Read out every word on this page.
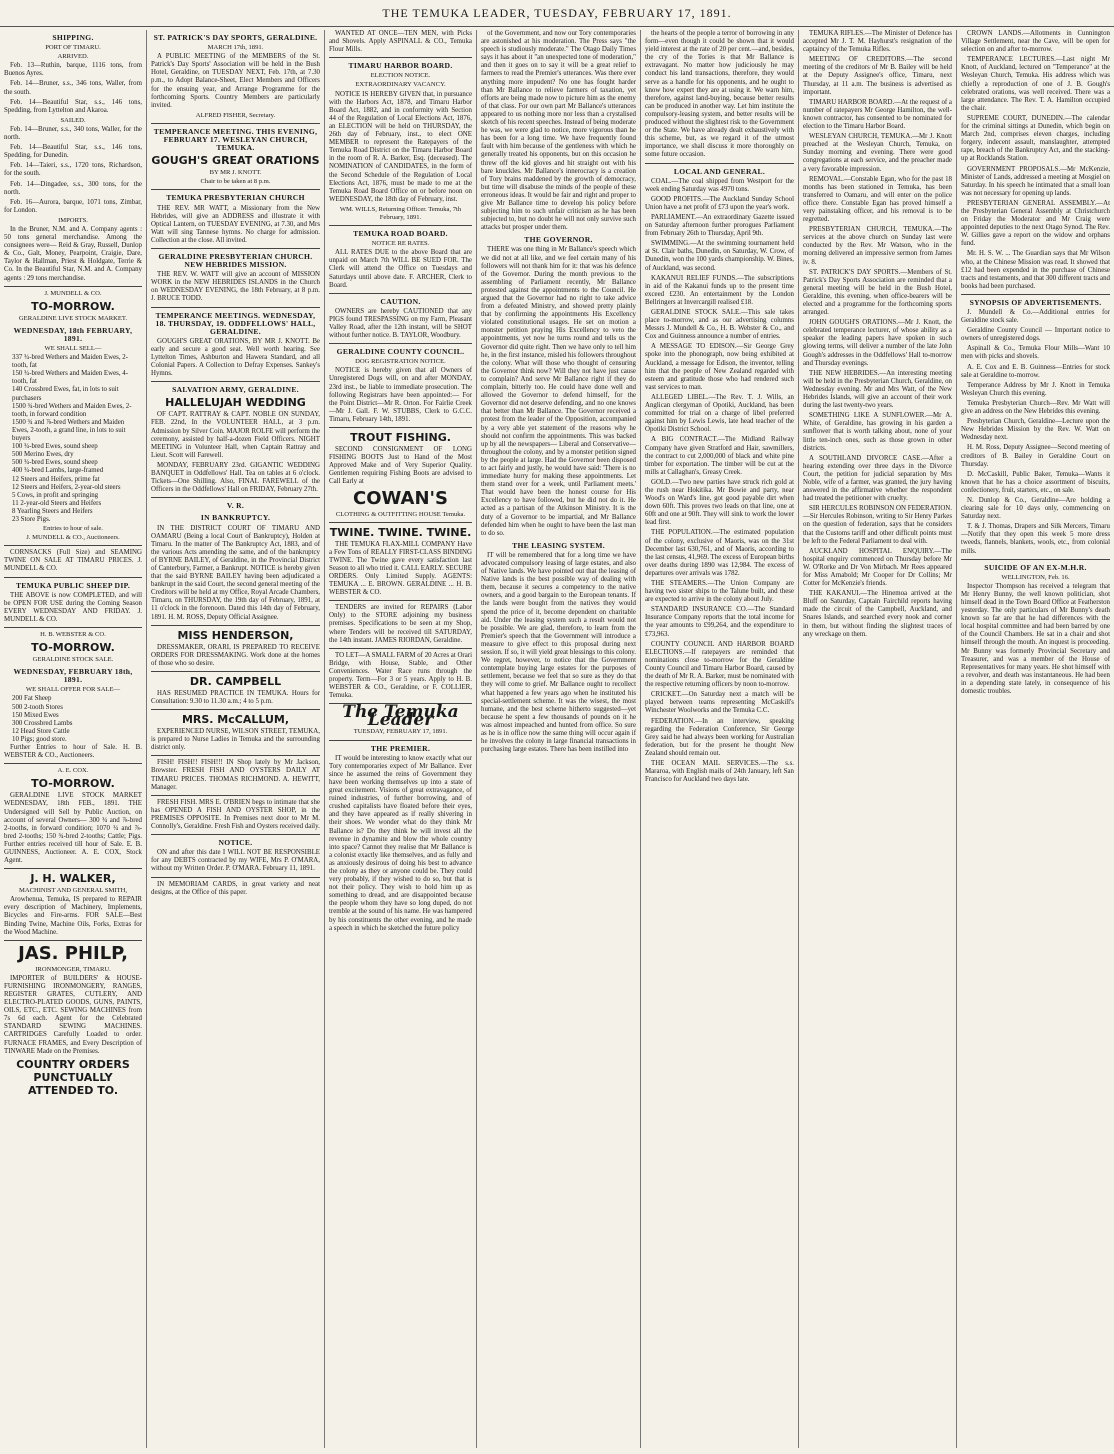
THE TEMUKA LEADER, TUESDAY, FEBRUARY 17, 1891.
SHIPPING.
PORT OF TIMARU.
ARRIVED.

Feb. 13—Ruthin, barque, 1116 tons, from Buenos Ayres.

Feb. 14—Bruner, s.s., 346 tons, Waller, from the south.

Feb. 14—Beautiful Star, s.s., 146 tons, Spedding, from Lyttelton and Akaroa.

SAILED.

Feb. 14—Bruner, s.s., 340 tons, Waller, for the north.

Feb. 14—Beautiful Star, s.s., 146 tons, Spedding, for Dunedin.

Feb. 14—Taieri, s.s., 1720 tons, Richardson, for the south.

Feb. 14—Dingadee, s.s., 300 tons, for the north.

Feb. 16—Aurora, barque, 1071 tons, Zimbar, for London.

IMPORTS.

In the Bruner, N.M. and A. Company agents : 50 tons general merchandise. Among the consignees were— Reid & Gray, Russell, Dunlop & Co., Galt, Money, Pearpoint, Craigie, Dare, Taylor & Hallman, Priest & Holdgate, Terrie & Co. In the Beautiful Star, N.M. and A. Company agents : 29 tons merchandise.

J. MUNDELL & CO.
TO-MORROW.
GERALDINE LIVE STOCK MARKET.
WEDNESDAY, 18th FEBRUARY, 1891.
WE SHALL SELL—
337 ¾-bred Wethers and Maiden Ewes, 2-tooth, fat
150 ¾-bred Wethers and Maiden Ewes, 4-tooth, fat
140 Crossbred Ewes, fat, in lots to suit purchasers
1500 ¾-bred Wethers and Maiden Ewes, 2-tooth, in forward condition
1500 ¾ and ⅞-bred Wethers and Maiden Ewes, 2-tooth, a grand line, in lots to suit buyers
100 ¾-bred Ewes, sound sheep
500 Merino Ewes, dry
500 ¾-bred Ewes, sound sheep
400 ¾-bred Lambs, large-framed
12 Steers and Heifers, prime fat
12 Steers and Heifers, 2-year-old steers
5 Cows, in profit and springing
11 2-year-old Steers and Heifers
8 Yearling Steers and Heifers
23 Store Pigs.
Entries to hour of sale.
J. MUNDELL & CO., Auctioneers.

CORNSACKS (Full Size) and SEAMING TWINE ON SALE AT TIMARU PRICES. J. MUNDELL & CO.

TEMUKA PUBLIC SHEEP DIP.

THE ABOVE is now COMPLETED, and will be OPEN FOR USE during the Coming Season EVERY WEDNESDAY AND FRIDAY. J. MUNDELL & CO.

H. B. WEBSTER & CO.
TO-MORROW.
GERALDINE STOCK SALE.
WEDNESDAY, FEBRUARY 18th, 1891.
WE SHALL OFFER FOR SALE—
200 Fat Sheep
500 2-tooth Stores
150 Mixed Ewes
300 Crossbred Lambs
12 Head Store Cattle
10 Pigs; good store.

Further Entries to hour of Sale. H. B. WEBSTER & CO., Auctioneers.

A. E. COX.
TO-MORROW.

GERALDINE LIVE STOCK MARKET WEDNESDAY, 18th FEB., 1891. THE Undersigned will Sell by Public Auction, on account of several Owners— 300 ¾ and ⅞-bred 2-tooths, in forward condition; 1070 ¾ and ⅞-bred 2-tooths; 150 ¾-bred 2-tooths; Cattle; Pigs. Further entries received till hour of Sale. E. B. GUINNESS, Auctioneer. A. E. COX, Stock Agent.

J. H. WALKER,
MACHINIST AND GENERAL SMITH,

Arowhenua, Temuka, IS prepared to REPAIR every description of Machinery, Implements, Bicycles and Fire-arms. FOR SALE—Best Binding Twine, Machine Oils, Forks, Extras for the Wood Machine.

JAS. PHILP,
IRONMONGER, TIMARU.

IMPORTER of BUILDERS' & HOUSE-FURNISHING IRONMONGERY, RANGES, REGISTER GRATES, CUTLERY, AND ELECTRO-PLATED GOODS, GUNS, PAINTS, OILS, ETC., ETC. SEWING MACHINES from 7s 6d each. Agent for the Celebrated STANDARD SEWING MACHINES. CARTRIDGES Carefully Loaded to order. FURNACE FRAMES, and Every Description of TINWARE Made on the Premises.

COUNTRY ORDERS PUNCTUALLY ATTENDED TO.
ST. PATRICK'S DAY SPORTS, GERALDINE.
MARCH 17th, 1891.

A PUBLIC MEETING of the MEMBERS of the St. Patrick's Day Sports' Association will be held in the Bush Hotel, Geraldine, on TUESDAY NEXT, Feb. 17th, at 7.30 p.m., to Adopt Balance-Sheet, Elect Members and Officers for the ensuing year, and Arrange Programme for the forthcoming Sports. Country Members are particularly invited.

ALFRED FISHER, Secretary.
TEMPERANCE MEETING. THIS EVENING, FEBRUARY 17. WESLEYAN CHURCH, TEMUKA.
GOUGH'S GREAT ORATIONS
BY MR J. KNOTT.
Chair to be taken at 8 p.m.
TEMUKA PRESBYTERIAN CHURCH

THE REV. MR WATT, a Missionary from the New Hebrides, will give an ADDRESS and illustrate it with Optical Lantern, on TUESDAY EVENING, at 7.30, and Mrs Watt will sing Tannese hymns. No charge for admission. Collection at the close. All invited.

GERALDINE PRESBYTERIAN CHURCH. NEW HEBRIDES MISSION.

THE REV. W. WATT will give an account of MISSION WORK in the NEW HEBRIDES ISLANDS in the Church on WEDNESDAY EVENING, the 18th February, at 8 p.m. J. BRUCE TODD.

TEMPERANCE MEETINGS. WEDNESDAY, 18. THURSDAY, 19. ODDFELLOWS' HALL, GERALDINE.

GOUGH'S GREAT ORATIONS, BY MR J. KNOTT. Be early and secure a good seat. Well worth hearing. See Lyttelton Times, Ashburton and Hawera Standard, and all Colonial Papers. A Collection to Defray Expenses. Sankey's Hymns.

SALVATION ARMY, GERALDINE.
HALLELUJAH WEDDING

OF CAPT. RATTRAY & CAPT. NOBLE ON SUNDAY, FEB. 22nd, In the VOLUNTEER HALL, at 3 p.m. Admission by Silver Coin. MAJOR ROLFE will perform the ceremony, assisted by half-a-dozen Field Officers. NIGHT MEETING in Volunteer Hall, when Captain Rattray and Lieut. Scott will Farewell.

MONDAY, FEBRUARY 23rd. GIGANTIC WEDDING BANQUET in Oddfellows' Hall. Tea on tables at 6 o'clock. Tickets—One Shilling. Also, FINAL FAREWELL of the Officers in the Oddfellows' Hall on FRIDAY, February 27th.

V. R.
IN BANKRUPTCY.

IN THE DISTRICT COURT OF TIMARU AND OAMARU (Being a local Court of Bankruptcy), Holden at Timaru. In the matter of The Bankruptcy Act, 1883, and of the various Acts amending the same, and of the bankruptcy of BYRNE BAILEY, of Geraldine, in the Provincial District of Canterbury, Farmer, a Bankrupt. NOTICE is hereby given that the said BYRNE BAILEY having been adjudicated a bankrupt in the said Court, the second general meeting of the Creditors will be held at my Office, Royal Arcade Chambers, Timaru, on THURSDAY, the 19th day of February, 1891, at 11 o'clock in the forenoon. Dated this 14th day of February, 1891. H. M. ROSS, Deputy Official Assignee.

MISS HENDERSON,

DRESSMAKER, ORARI, IS PREPARED TO RECEIVE ORDERS FOR DRESSMAKING. Work done at the homes of those who so desire.

DR. CAMPBELL

HAS RESUMED PRACTICE IN TEMUKA. Hours for Consultation: 9.30 to 11.30 a.m.; 4 to 5 p.m.

MRS. McCALLUM,

EXPERIENCED NURSE, WILSON STREET, TEMUKA, is prepared to Nurse Ladies in Temuka and the surrounding district only.

FISH! FISH!! FISH!!! IN Shop lately by Mr Jackson, Brewster. FRESH FISH AND OYSTERS DAILY AT TIMARU PRICES. THOMAS RICHMOND. A. HEWITT, Manager.

FRESH FISH. MRS E. O'BRIEN begs to intimate that she has OPENED A FISH AND OYSTER SHOP, in the PREMISES OPPOSITE. In Premises next door to Mr M. Connolly's, Geraldine. Fresh Fish and Oysters received daily.

NOTICE.

ON and after this date I WILL NOT BE RESPONSIBLE for any DEBTS contracted by my WIFE, Mrs P. O'MARA, without my Written Order. P. O'MARA. February 11, 1891.

IN MEMORIAM CARDS, in great variety and neat designs, at the Office of this paper.

WANTED AT ONCE—TEN MEN, with Picks and Shovels. Apply ASPINALL & CO., Temuka Flour Mills.

TIMARU HARBOR BOARD.
ELECTION NOTICE.
EXTRAORDINARY VACANCY.

NOTICE IS HEREBY GIVEN that, in pursuance with the Harbors Act, 1878, and Timaru Harbor Board Act, 1882, and in conformity with Section 44 of the Regulation of Local Elections Act, 1876, an ELECTION will be held on THURSDAY, the 26th day of February, inst., to elect ONE MEMBER to represent the Ratepayers of the Temuka Road District on the Timaru Harbor Board in the room of R. A. Barker, Esq. (deceased). The NOMINATION of CANDIDATES, in the form of the Second Schedule of the Regulation of Local Elections Act, 1876, must be made to me at the Temuka Road Board Office on or before noon on WEDNESDAY, the 18th day of February, inst.

WM. WILLS, Returning Officer. Temuka, 7th February, 1891.
TEMUKA ROAD BOARD.
NOTICE RE RATES.

ALL RATES DUE to the above Board that are unpaid on March 7th WILL BE SUED FOR. The Clerk will attend the Office on Tuesdays and Saturdays until above date. F. ARCHER, Clerk to Board.

CAUTION.

OWNERS are hereby CAUTIONED that any PIGS found TRESPASSING on my Farm, Pleasant Valley Road, after the 12th instant, will be SHOT without further notice. B. TAYLOR, Woodbury.

GERALDINE COUNTY COUNCIL.
DOG REGISTRATION NOTICE.

NOTICE is hereby given that all Owners of Unregistered Dogs will, on and after MONDAY, 23rd inst., be liable to immediate prosecution. The following Registrars have been appointed:— For the Point District—Mr R. Orton. For Fairlie Creek—Mr J. Gall. F. W. STUBBS, Clerk to G.C.C. Timaru, February 14th, 1891.

TROUT FISHING.

SECOND CONSIGNMENT OF LONG FISHING BOOTS Just to Hand of the Most Approved Make and of Very Superior Quality. Gentlemen requiring Fishing Boots are advised to Call Early at

COWAN'S
CLOTHING & OUTFITTING HOUSE Temuka.
TWINE. TWINE. TWINE.

THE TEMUKA FLAX-MILL COMPANY Have a Few Tons of REALLY FIRST-CLASS BINDING TWINE. The Twine gave every satisfaction last Season to all who tried it. CALL EARLY. SECURE ORDERS. Only Limited Supply. AGENTS: TEMUKA ... E. BROWN. GERALDINE ... H. B. WEBSTER & CO.

TENDERS are invited for REPAIRS (Labor Only) to the STORE adjoining my business premises. Specifications to be seen at my Shop, where Tenders will be received till SATURDAY, the 14th instant. JAMES RIORDAN, Geraldine.

TO LET—A SMALL FARM of 20 Acres at Orari Bridge, with House, Stable, and Other Conveniences. Water Race runs through the property. Term—For 3 or 5 years. Apply to H. B. WEBSTER & CO., Geraldine, or F. COLLIER, Temuka.

The Temuka Leader
TUESDAY, FEBRUARY 17, 1891.
THE PREMIER.

IT would be interesting to know exactly what our Tory contemporaries expect of Mr Ballance. Ever since he assumed the reins of Government they have been working themselves up into a state of great excitement. Visions of great extravagance, of ruined industries, of further borrowing, and of crushed capitalists have floated before their eyes, and they have appeared as if really shivering in their shoes. We wonder what do they think Mr Ballance is? Do they think he will invest all the revenue in dynamite and blow the whole country into space? Cannot they realise that Mr Ballance is a colonist exactly like themselves, and as fully and as anxiously desirous of doing his best to advance the colony as they or anyone could be. They could very probably, if they wished to do so, but that is not their policy. They wish to hold him up as something to dread, and are disappointed because the people whom they have so long duped, do not tremble at the sound of his name. He was hampered by his constituents the other evening, and he made a speech in which he sketched the future policy

of the Government, and now our Tory contemporaries are astonished at his moderation. The Press says "the speech is studiously moderate." The Otago Daily Times says it has about it "an unexpected tone of moderation," and then it goes on to say it will be a great relief to farmers to read the Premier's utterances. Was there ever anything more impudent? No one has fought harder than Mr Ballance to relieve farmers of taxation, yet efforts are being made now to picture him as the enemy of that class. For our own part Mr Ballance's utterances appeared to us nothing more nor less than a crystalised sketch of his recent speeches. Instead of being moderate he was, we were glad to notice, more vigorous than he has been for a long time. We have frequently found fault with him because of the gentleness with which he generally treated his opponents, but on this occasion he threw off the kid gloves and hit straight out with his bare knuckles. Mr Ballance's innerocracy is a creation of Tory brains maddened by the growth of democracy, but time will disabuse the minds of the people of these erroneous ideas. It would be fair and right and proper to give Mr Ballance time to develop his policy before subjecting him to such unfair criticism as he has been subjected to, but no doubt he will not only survive such attacks but prosper under them.

THE GOVERNOR.

THERE was one thing in Mr Ballance's speech which we did not at all like, and we feel certain many of his followers will not thank him for it: that was his defence of the Governor. During the month previous to the assembling of Parliament recently, Mr Ballance protested against the appointments to the Council. He argued that the Governor had no right to take advice from a defeated Ministry, and showed pretty plainly that by confirming the appointments His Excellency violated constitutional usages. He set on motion a monster petition praying His Excellency to veto the appointments, yet now he turns round and tells us the Governor did quite right. Then we have only to tell him he, in the first instance, misled his followers throughout the colony. What will those who thought of censuring the Governor think now? Will they not have just cause to complain? And serve Mr Ballance right if they do complain, bitterly too. He could have done well and allowed the Governor to defend himself, for the Governor did not deserve defending, and no one knows that better than Mr Ballance. The Governor received a protest from the leader of the Opposition, accompanied by a very able yet statement of the reasons why he should not confirm the appointments. This was backed up by all the newspapers— Liberal and Conservative—throughout the colony, and by a monster petition signed by the people at large. Had the Governor been disposed to act fairly and justly, he would have said: 'There is no immediate hurry for making these appointments. Let them stand over for a week, until Parliament meets.' That would have been the honest course for His Excellency to have followed, but he did not do it. He acted as a partisan of the Atkinson Ministry. It is the duty of a Governor to be impartial, and Mr Ballance defended him when he ought to have been the last man to do so.

THE LEASING SYSTEM.

IT will be remembered that for a long time we have advocated compulsory leasing of large estates, and also of Native lands. We have pointed out that the leasing of Native lands is the best possible way of dealing with them, because it secures a competency to the native owners, and a good bargain to the European tenants. If the lands were bought from the natives they would spend the price of it, become dependent on charitable aid. Under the leasing system such a result would not be possible. We are glad, therefore, to learn from the Premier's speech that the Government will introduce a measure to give effect to this proposal during next session. If so, it will yield great blessings to this colony. We regret, however, to notice that the Government contemplate buying large estates for the purposes of settlement, because we feel that so sure as they do that they will come to grief. Mr Ballance ought to recollect what happened a few years ago when he instituted his special-settlement scheme. It was the wisest, the most humane, and the best scheme hitherto suggested—yet because he spent a few thousands of pounds on it he was almost impeached and hunted from office. So sure as he is in office now the same thing will occur again if he involves the colony in large financial transactions in purchasing large estates. There has been instilled into

the hearts of the people a terror of borrowing in any form—even though it could be shown that it would yield interest at the rate of 20 per cent.—and, besides, the cry of the Tories is that Mr Ballance is extravagant. No matter how judiciously he may conduct his land transactions, therefore, they would serve as a handle for his opponents, and he ought to know how expert they are at using it. We warn him, therefore, against land-buying, because better results can be produced in another way. Let him institute the compulsory-leasing system, and better results will be produced without the slightest risk to the Government or the State. We have already dealt exhaustively with this scheme, but, as we regard it of the utmost importance, we shall discuss it more thoroughly on some future occasion.

LOCAL AND GENERAL.

COAL.—The coal shipped from Westport for the week ending Saturday was 4970 tons.

GOOD PROFITS.—The Auckland Sunday School Union have a net profit of £73 upon the year's work.

PARLIAMENT.—An extraordinary Gazette issued on Saturday afternoon further prorogues Parliament from February 26th to Thursday, April 9th.

SWIMMING.—At the swimming tournament held at St. Clair baths, Dunedin, on Saturday, W. Crow, of Dunedin, won the 100 yards championship. W. Bines, of Auckland, was second.

KAKANUI RELIEF FUNDS.—The subscriptions in aid of the Kakanui funds up to the present time exceed £230. An entertainment by the London Bellringers at Invercargill realised £18.

GERALDINE STOCK SALE.—This sale takes place to-morrow, and as our advertising columns Messrs J. Mundell & Co., H. B. Webster & Co., and Cox and Guinness announce a number of entries.

A MESSAGE TO EDISON.—Sir George Grey spoke into the phonograph, now being exhibited at Auckland, a message for Edison, the inventor, telling him that the people of New Zealand regarded with esteem and gratitude those who had rendered such vast services to man.

ALLEGED LIBEL.—The Rev. T. J. Wills, an Anglican clergyman of Opotiki, Auckland, has been committed for trial on a charge of libel preferred against him by Lewis Lewis, late head teacher of the Opotiki District School.

A BIG CONTRACT.—The Midland Railway Company have given Stratford and Hair, sawmillers, the contract to cut 2,000,000 of black and white pine timber for exportation. The timber will be cut at the mills at Callaghan's, Greasy Creek.

GOLD.—Two new parties have struck rich gold at the rush near Hokitika. Mr Bowie and party, near Wood's on Ward's line, got good payable dirt when down 60ft. This proves two leads on that line, one at 60ft and one at 90ft. They will sink to work the lower lead first.

THE POPULATION.—The estimated population of the colony, exclusive of Maoris, was on the 31st December last 630,761, and of Maoris, according to the last census, 41,969. The excess of European births over deaths during 1890 was 12,984. The excess of departures over arrivals was 1782.

THE STEAMERS.—The Union Company are having two sister ships to the Talune built, and these are expected to arrive in the colony about July.

STANDARD INSURANCE CO.—The Standard Insurance Company reports that the total income for the year amounts to £99,264, and the expenditure to £73,963.

COUNTY COUNCIL AND HARBOR BOARD ELECTIONS.—If ratepayers are reminded that nominations close to-morrow for the Geraldine County Council and Timaru Harbor Board, caused by the death of Mr R. A. Barker, must be nominated with the respective returning officers by noon to-morrow.

CRICKET.—On Saturday next a match will be played between teams representing McCaskill's Winchester Woolworks and the Temuka C.C.

FEDERATION.—In an interview, speaking regarding the Federation Conference, Sir George Grey said he had always been working for Australian federation, but for the present he thought New Zealand should remain out.

THE OCEAN MAIL SERVICES.—The s.s. Mararoa, with English mails of 24th January, left San Francisco for Auckland two days late.

TEMUKA RIFLES.—The Minister of Defence has accepted Mr J. T. M. Hayhurst's resignation of the captaincy of the Temuka Rifles.

MEETING OF CREDITORS.—The second meeting of the creditors of Mr B. Bailey will be held at the Deputy Assignee's office, Timaru, next Thursday, at 11 a.m. The business is advertised as important.

TIMARU HARBOR BOARD.—At the request of a number of ratepayers Mr George Hamilton, the well-known contractor, has consented to be nominated for election to the Timaru Harbor Board.

WESLEYAN CHURCH, TEMUKA.—Mr J. Knott preached at the Wesleyan Church, Temuka, on Sunday morning and evening. There were good congregations at each service, and the preacher made a very favorable impression.

REMOVAL.—Constable Egan, who for the past 18 months has been stationed in Temuka, has been transferred to Oamaru, and will enter on the police office there. Constable Egan has proved himself a very painstaking officer, and his removal is to be regretted.

PRESBYTERIAN CHURCH, TEMUKA.—The services at the above church on Sunday last were conducted by the Rev. Mr Watson, who in the morning delivered an impressive sermon from James iv. 8.

ST. PATRICK'S DAY SPORTS.—Members of St. Patrick's Day Sports Association are reminded that a general meeting will be held in the Bush Hotel, Geraldine, this evening, when office-bearers will be elected and a programme for the forthcoming sports arranged.

JOHN GOUGH'S ORATIONS.—Mr J. Knott, the celebrated temperance lecturer, of whose ability as a speaker the leading papers have spoken in such glowing terms, will deliver a number of the late John Gough's addresses in the Oddfellows' Hall to-morrow and Thursday evenings.

THE NEW HEBRIDES.—An interesting meeting will be held in the Presbyterian Church, Geraldine, on Wednesday evening. Mr and Mrs Watt, of the New Hebrides Islands, will give an account of their work during the last twenty-two years.

SOMETHING LIKE A SUNFLOWER.—Mr A. White, of Geraldine, has growing in his garden a sunflower that is worth talking about, none of your little ten-inch ones, such as those grown in other districts.

A SOUTHLAND DIVORCE CASE.—After a hearing extending over three days in the Divorce Court, the petition for judicial separation by Mrs Noble, wife of a farmer, was granted, the jury having answered in the affirmative whether the respondent had treated the petitioner with cruelty.

SIR HERCULES ROBINSON ON FEDERATION.—Sir Hercules Robinson, writing to Sir Henry Parkes on the question of federation, says that he considers that the Customs tariff and other difficult points must be left to the Federal Parliament to deal with.

AUCKLAND HOSPITAL ENQUIRY.—The hospital enquiry commenced on Thursday before Mr W. O'Rorke and Dr Von Mirbach. Mr Rees appeared for Miss Arnabold; Mr Cooper for Dr Collins; Mr Cotter for McKenzie's friends.

THE KAKANUI.—The Hinemoa arrived at the Bluff on Saturday, Captain Fairchild reports having made the circuit of the Campbell, Auckland, and Snares Islands, and searched every nook and corner in them, but without finding the slightest traces of any wreckage on them.

CROWN LANDS.—Allotments in Cunnington Village Settlement, near the Cave, will be open for selection on and after to-morrow.

TEMPERANCE LECTURES.—Last night Mr Knott, of Auckland, lectured on "Temperance" at the Wesleyan Church, Temuka. His address which was chiefly a reproduction of one of J. B. Gough's celebrated orations, was well received. There was a large attendance. The Rev. T. A. Hamilton occupied the chair.

SUPREME COURT, DUNEDIN.—The calendar for the criminal sittings at Dunedin, which begin on March 2nd, comprises eleven charges, including forgery, indecent assault, manslaughter, attempted rape, breach of the Bankruptcy Act, and the stacking-up at Rocklands Station.

GOVERNMENT PROPOSALS.—Mr McKenzie, Minister of Lands, addressed a meeting at Mosgiel on Saturday. In his speech he intimated that a small loan was not necessary for opening up lands.

PRESBYTERIAN GENERAL ASSEMBLY.—At the Presbyterian General Assembly at Christchurch on Friday the Moderator and Mr Craig were appointed deputies to the next Otago Synod. The Rev. W. Gillies gave a report on the widow and orphans fund.

Mr. H. S. W. ... The Guardian says that Mr Wilson who, at the Chinese Mission was read. It showed that £12 had been expended in the purchase of Chinese tracts and testaments, and that 300 different tracts and books had been purchased.

SYNOPSIS OF ADVERTISEMENTS.

J. Mundell & Co.—Additional entries for Geraldine stock sale.

Geraldine County Council — Important notice to owners of unregistered dogs.

Aspinall & Co., Temuka Flour Mills—Want 10 men with picks and shovels.

A. E. Cox and E. B. Guinness—Entries for stock sale at Geraldine to-morrow.

Temperance Address by Mr J. Knott in Temuka Wesleyan Church this evening.

Temuka Presbyterian Church—Rev. Mr Watt will give an address on the New Hebrides this evening.

Presbyterian Church, Geraldine—Lecture upon the New Hebrides Mission by the Rev. W. Watt on Wednesday next.

H. M. Ross, Deputy Assignee—Second meeting of creditors of B. Bailey in Geraldine Court on Thursday.

D. McCaskill, Public Baker, Temuka—Wants it known that he has a choice assortment of biscuits, confectionery, fruit, starters, etc., on sale.

N. Dunlop & Co., Geraldine—Are holding a clearing sale for 10 days only, commencing on Saturday next.

T. & J. Thomas, Drapers and Silk Mercers, Timaru—Notify that they open this week 5 more dress tweeds, flannels, blankets, wools, etc., from colonial mills.

SUICIDE OF AN EX-M.H.R.
WELLINGTON, Feb. 16.

Inspector Thompson has received a telegram that Mr Henry Bunny, the well known politician, shot himself dead in the Town Board Office at Featherston yesterday. The only particulars of Mr Bunny's death known so far are that he had differences with the local hospital committee and had been barred by one of the Council Chambers. He sat in a chair and shot himself through the mouth. An inquest is proceeding. Mr Bunny was formerly Provincial Secretary and Treasurer, and was a member of the House of Representatives for many years. He shot himself with a revolver, and death was instantaneous. He had been in a depending state lately, in consequence of his domestic troubles.
